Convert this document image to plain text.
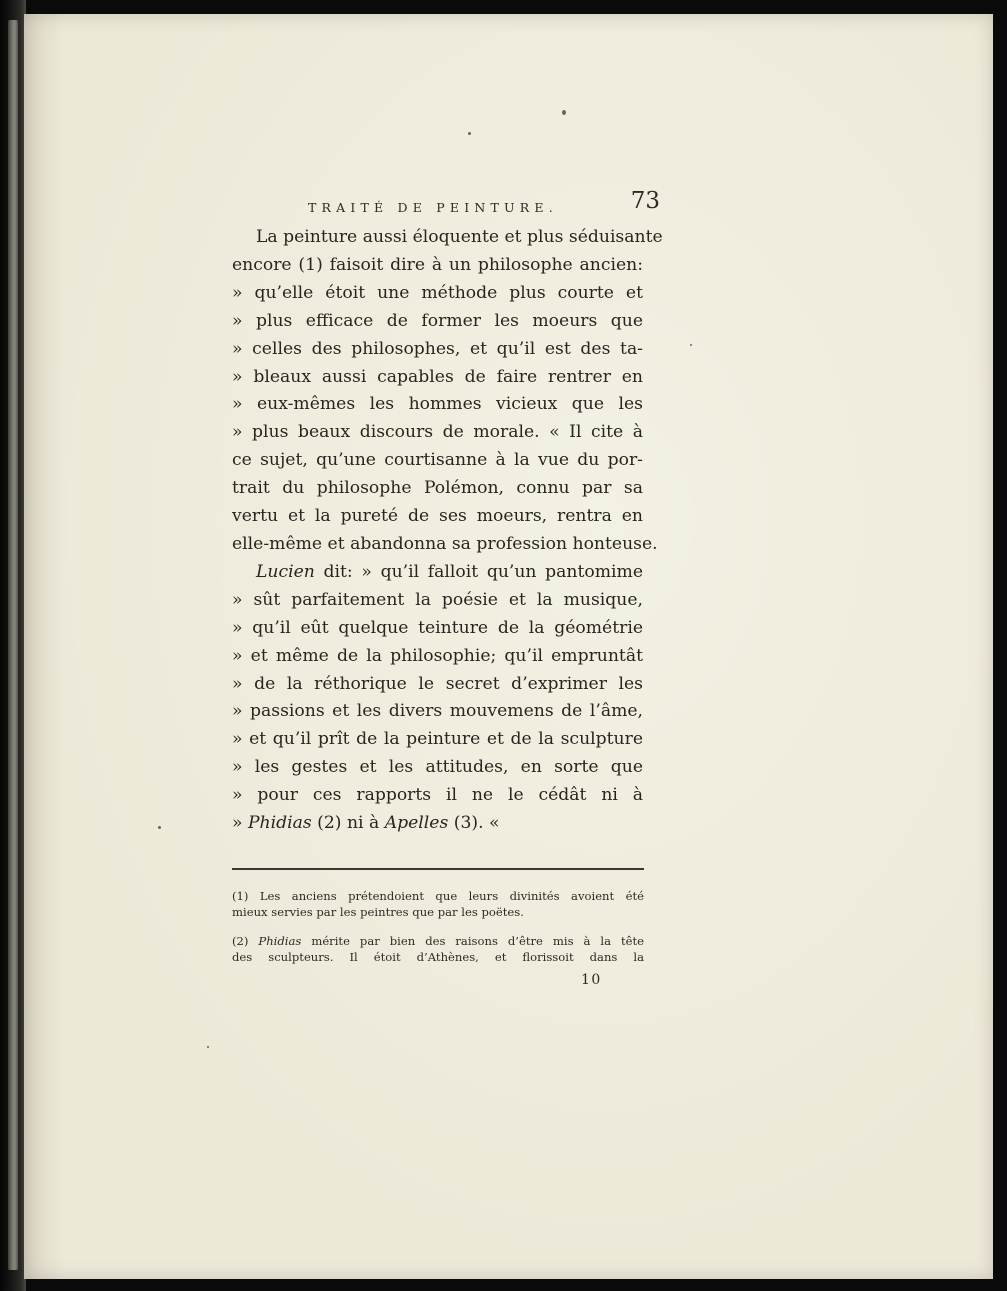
TRAITÉ DE PEINTURE.	73

La peinture aussi éloquente et plus séduisante
encore (1) faisoit dire à un philosophe ancien:
» qu’elle étoit une méthode plus courte et
» plus efficace de former les moeurs que
» celles des philosophes, et qu’il est des ta-
» bleaux aussi capables de faire rentrer en
» eux-mêmes les hommes vicieux que les
» plus beaux discours de morale. « Il cite à
ce sujet, qu’une courtisanne à la vue du por-
trait du philosophe Polémon, connu par sa
vertu et la pureté de ses moeurs, rentra en
elle-même et abandonna sa profession honteuse.

Lucien dit: » qu’il falloit qu’un pantomime
» sût parfaitement la poésie et la musique,
» qu’il eût quelque teinture de la géométrie
» et même de la philosophie; qu’il empruntât
» de la réthorique le secret d’exprimer les
» passions et les divers mouvemens de l’âme,
» et qu’il prît de la peinture et de la sculpture
» les gestes et les attitudes, en sorte que
» pour ces rapports il ne le cédât ni à
» Phidias (2) ni à Apelles (3). «

(1) Les anciens prétendoient que leurs divinités avoient été
mieux servies par les peintres que par les poëtes.
(2) Phidias mérite par bien des raisons d’être mis à la tête
des sculpteurs. Il étoit d’Athènes, et florissoit dans la
10
